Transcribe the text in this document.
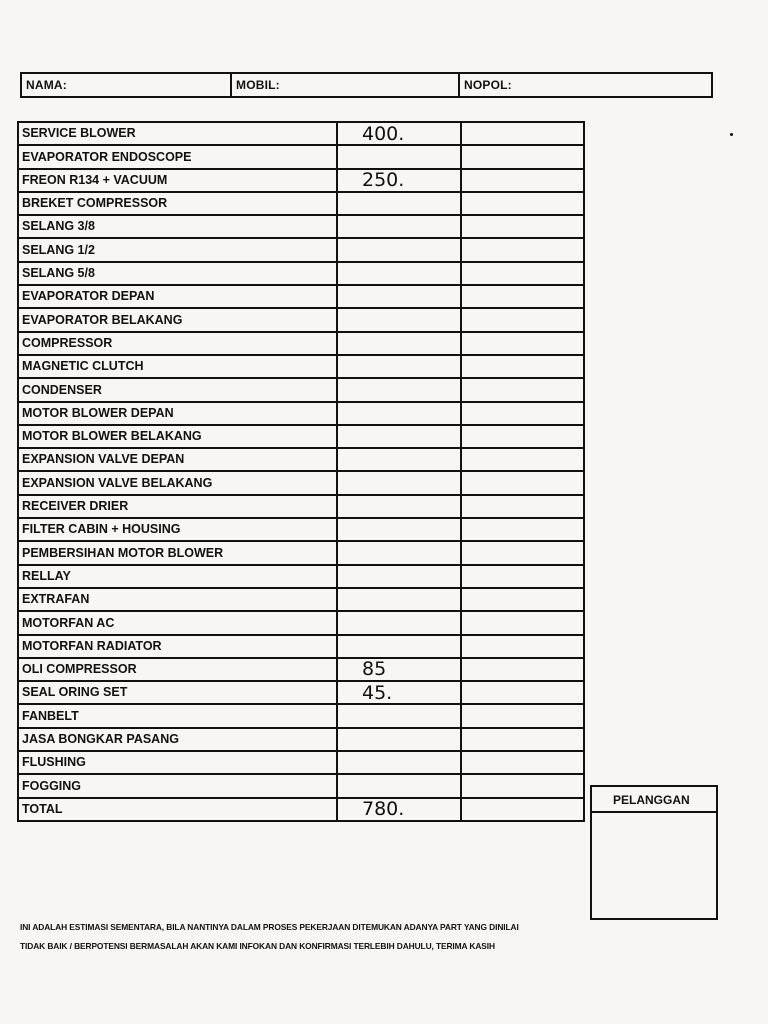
NAMA:	MOBIL:	NOPOL:
SERVICE BLOWER	400.	
EVAPORATOR ENDOSCOPE		
FREON R134 + VACUUM	250.	
BREKET COMPRESSOR		
SELANG 3/8		
SELANG 1/2		
SELANG 5/8		
EVAPORATOR DEPAN		
EVAPORATOR BELAKANG		
COMPRESSOR		
MAGNETIC CLUTCH		
CONDENSER		
MOTOR BLOWER DEPAN		
MOTOR BLOWER BELAKANG		
EXPANSION VALVE DEPAN		
EXPANSION VALVE BELAKANG		
RECEIVER DRIER		
FILTER CABIN + HOUSING		
PEMBERSIHAN MOTOR BLOWER		
RELLAY		
EXTRAFAN		
MOTORFAN AC		
MOTORFAN RADIATOR		
OLI COMPRESSOR	85	
SEAL ORING SET	45.	
FANBELT		
JASA BONGKAR PASANG		
FLUSHING		
FOGGING		
TOTAL	780.		PELANGGAN
INI ADALAH ESTIMASI SEMENTARA, BILA NANTINYA DALAM PROSES PEKERJAAN DITEMUKAN ADANYA PART YANG DINILAI
TIDAK BAIK / BERPOTENSI BERMASALAH AKAN KAMI INFOKAN DAN KONFIRMASI TERLEBIH DAHULU, TERIMA KASIH
